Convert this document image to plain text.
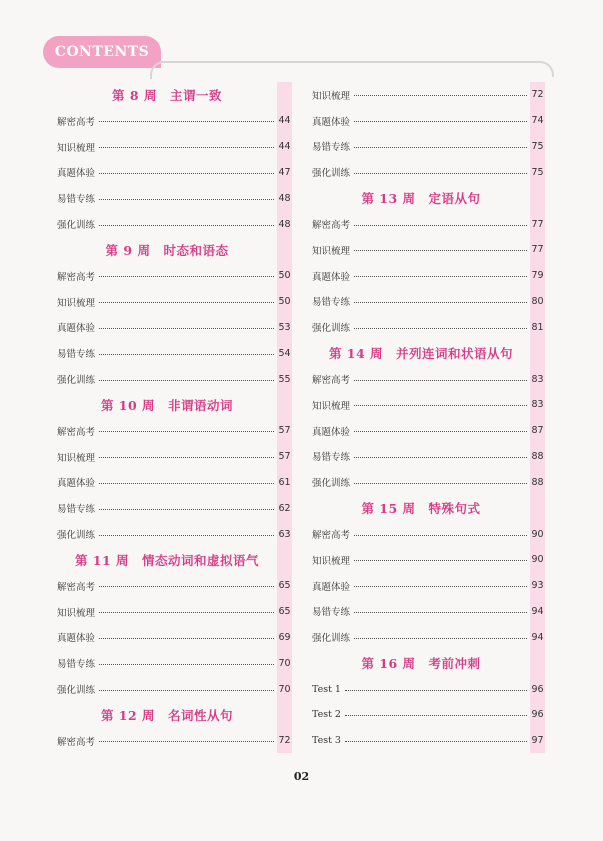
CONTENTS
第 8 周　主谓一致
解密高考	44
知识梳理	44
真题体验	47
易错专练	48
强化训练	48
第 9 周　时态和语态
解密高考	50
知识梳理	50
真题体验	53
易错专练	54
强化训练	55
第 10 周　非谓语动词
解密高考	57
知识梳理	57
真题体验	61
易错专练	62
强化训练	63
第 11 周　情态动词和虚拟语气
解密高考	65
知识梳理	65
真题体验	69
易错专练	70
强化训练	70
第 12 周　名词性从句
解密高考	72
知识梳理	72
真题体验	74
易错专练	75
强化训练	75
第 13 周　定语从句
解密高考	77
知识梳理	77
真题体验	79
易错专练	80
强化训练	81
第 14 周　并列连词和状语从句
解密高考	83
知识梳理	83
真题体验	87
易错专练	88
强化训练	88
第 15 周　特殊句式
解密高考	90
知识梳理	90
真题体验	93
易错专练	94
强化训练	94
第 16 周　考前冲刺
Test 1	96
Test 2	96
Test 3	97
02
